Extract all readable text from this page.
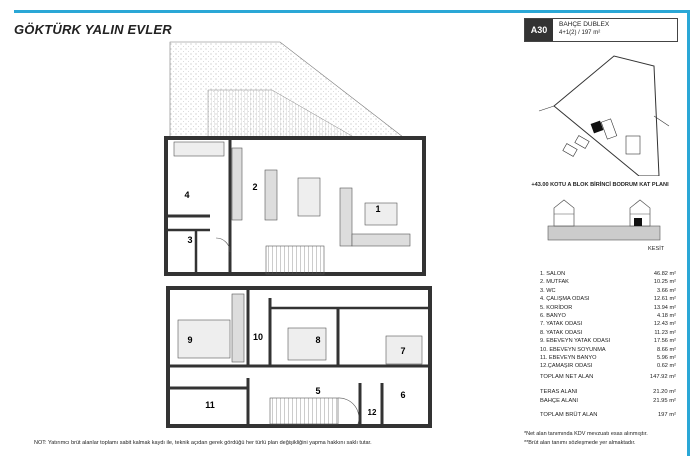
GÖKTÜRK YALIN EVLER
1
2
3
4
5	6
7
8
9	10
11
12
A30
BAHÇE DUBLEX
4+1(2) / 197 m²
+43.00 KOTU A BLOK BİRİNCİ BODRUM KAT PLANI
KESİT
1. SALON	46.82 m²
2. MUTFAK	10.25 m²
3. WC	3.66 m²
4. ÇALIŞMA ODASI	12.61 m²
5. KORİDOR	13.94 m²
6. BANYO	4.18 m²
7. YATAK ODASI	12.43 m²
8. YATAK ODASI	11.23 m²
9. EBEVEYN YATAK ODASI	17.56 m²
10. EBEVEYN SOYUNMA	8.66 m²
11. EBEVEYN BANYO	5.96 m²
12.ÇAMAŞIR ODASI	0.62 m²
TOPLAM NET ALAN	147.92 m²
TERAS ALANI	21.20 m²
BAHÇE ALANI	21.95 m²
TOPLAM BRÜT ALAN	197 m²
NOT: Yatırımcı brüt alanlar toplamı sabit kalmak kaydı ile, teknik açıdan gerek gördüğü her türlü plan değişikliğini yapma hakkını saklı tutar.
*Net alan tanımında KDV mevzuatı esas alınmıştır.
**Brüt alan tanımı sözleşmede yer almaktadır.
